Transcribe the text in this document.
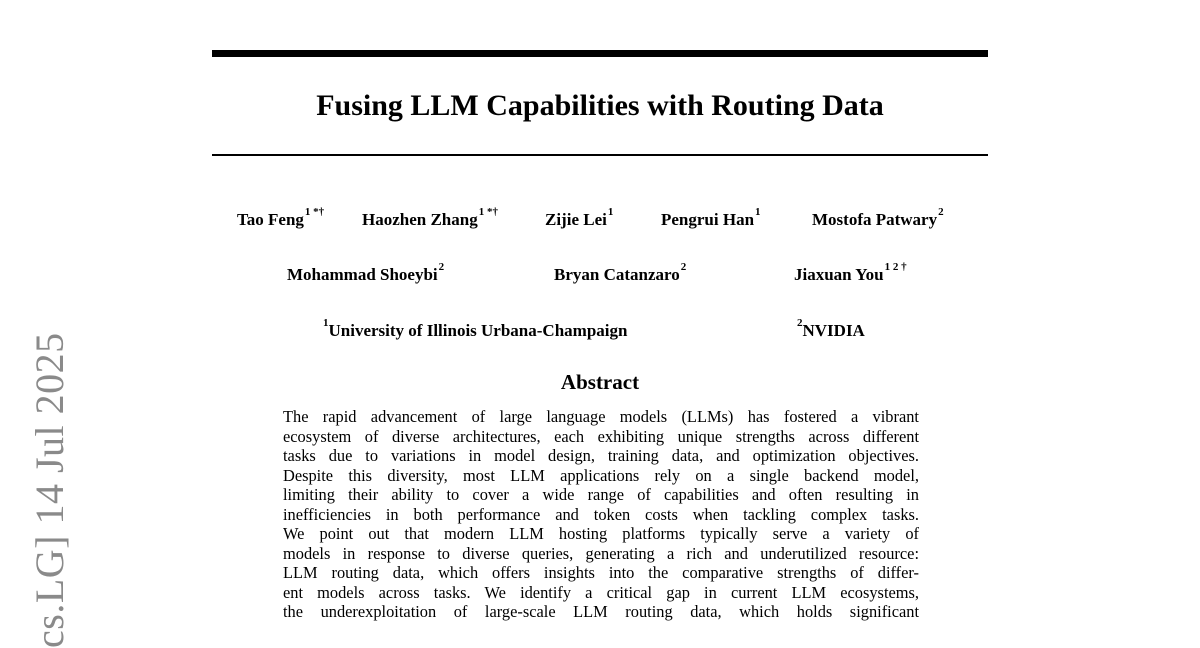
cs.LG] 14 Jul 2025
Fusing LLM Capabilities with Routing Data
Tao Feng$^{1 *\dagger}$ Haozhen Zhang$^{1 *\dagger}$	Zijie Lei$^1$	Pengrui Han$^1$	Mostofa Patwary$^2$
Mohammad Shoeybi$^2$	Bryan Catanzaro$^2$	Jiaxuan You$^{1 2 \dagger}$
$^1$University of Illinois Urbana-Champaign	$^2$NVIDIA
Abstract
The rapid advancement of large language models (LLMs) has fostered a vibrant
ecosystem of diverse architectures, each exhibiting unique strengths across different
tasks due to variations in model design, training data, and optimization objectives.
Despite this diversity, most LLM applications rely on a single backend model,
limiting their ability to cover a wide range of capabilities and often resulting in
inefficiencies in both performance and token costs when tackling complex tasks.
We point out that modern LLM hosting platforms typically serve a variety of
models in response to diverse queries, generating a rich and underutilized resource:
LLM routing data, which offers insights into the comparative strengths of differ-
ent models across tasks. We identify a critical gap in current LLM ecosystems,
the underexploitation of large-scale LLM routing data, which holds significant
